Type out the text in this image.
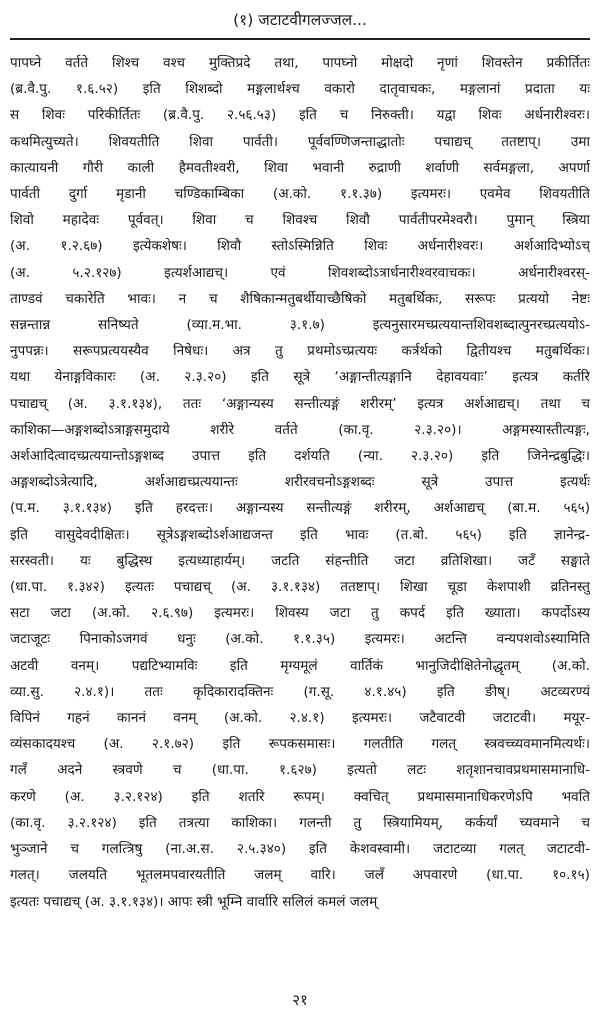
(१) जटाटवीगलज्जल...
पापघ्ने वर्तते शिश्च वश्च मुक्तिप्रदे तथा, पापघ्नो मोक्षदो नृणां शिवस्तेन प्रकीर्तितः
(ब्र.वै.पु. १.६.५२) इति शिशब्दो मङ्गलार्थश्च वकारो दातृवाचकः, मङ्गलानां प्रदाता यः
स शिवः परिकीर्तितः (ब्र.वै.पु. २.५६.५३) इति च निरुक्ती। यद्वा शिवः अर्धनारीश्वरः।
कथमित्युच्यते। शिवयतीति शिवा पार्वती। पूर्ववण्णिजन्ताद्धातोः पचाद्यच् ततष्टाप्। उमा
कात्यायनी गौरी काली हैमवतीश्वरी, शिवा भवानी रुद्राणी शर्वाणी सर्वमङ्गला, अपर्णा
पार्वती दुर्गा मृडानी चण्डिकाम्बिका (अ.को. १.१.३७) इत्यमरः। एवमेव शिवयतीति
शिवो महादेवः पूर्ववत्। शिवा च शिवश्च शिवौ पार्वतीपरमेश्वरौ। पुमान् स्त्रिया
(अ. १.२.६७) इत्येकशेषः। शिवौ स्तोऽस्मिन्निति शिवः अर्धनारीश्वरः। अर्शआदिभ्योऽच्
(अ. ५.२.१२७) इत्यर्शआद्यच्। एवं शिवशब्दोऽत्रार्धनारीश्वरवाचकः। अर्धनारीश्वरस्-
ताण्डवं चकारेति भावः। न च शैषिकान्मतुबर्थीयाच्छैषिको मतुबर्थिकः, सरूपः प्रत्ययो नेष्टः
सन्नन्तान्न सनिष्यते (व्या.म.भा. ३.१.७) इत्यनुसारमच्प्रत्ययान्तशिवशब्दात्पुनरच्प्रत्ययोऽ-
नुपपन्नः। सरूपप्रत्ययस्यैव निषेधः। अत्र तु प्रथमोऽच्प्रत्ययः कर्त्रर्थको द्वितीयश्च मतुबर्थिकः।
यथा येनाङ्गविकारः (अ. २.३.२०) इति सूत्रे ‘अङ्गान्तीत्यङ्गानि देहावयवाः’ इत्यत्र कर्तरि
पचाद्यच् (अ. ३.१.१३४), ततः ‘अङ्गान्यस्य सन्तीत्यङ्गं शरीरम्’ इत्यत्र अर्शआद्यच्। तथा च
काशिका—अङ्गशब्दोऽत्राङ्गसमुदाये शरीरे वर्तते (का.वृ. २.३.२०)। अङ्गमस्यास्तीत्यङ्गः,
अर्शआदित्वादच्प्रत्ययान्तोऽङ्गशब्द उपात्त इति दर्शयति (न्या. २.३.२०) इति जिनेन्द्रबुद्धिः।
अङ्गशब्दोऽत्रेत्यादि, अर्शआद्यच्प्रत्ययान्तः शरीरवचनोऽङ्गशब्दः सूत्रे उपात्त इत्यर्थः
(प.म. ३.१.१३४) इति हरदत्तः। अङ्गान्यस्य सन्तीत्यङ्गं शरीरम्, अर्शआद्यच् (बा.म. ५६५)
इति वासुदेवदीक्षितः। सूत्रेऽङ्गशब्दोऽर्शआद्यजन्त इति भावः (त.बो. ५६५) इति ज्ञानेन्द्र-
सरस्वती। यः बुद्धिस्थ इत्यध्याहार्यम्। जटति संहन्तीति जटा व्रतिशिखा। जटँ सङ्घाते
(धा.पा. १.३४२) इत्यतः पचाद्यच् (अ. ३.१.१३४) ततष्टाप्। शिखा चूडा केशपाशी व्रतिनस्तु
सटा जटा (अ.को. २.६.९७) इत्यमरः। शिवस्य जटा तु कपर्द इति ख्याता। कपर्दोऽस्य
जटाजूटः पिनाकोऽजगवं धनुः (अ.को. १.१.३५) इत्यमरः। अटन्ति वन्यपशवोऽस्यामिति
अटवी वनम्। पद्यटिभ्यामविः इति मृग्यमूलं वार्तिकं भानुजिदीक्षितेनोद्धृतम् (अ.को.
व्या.सु. २.४.१)। ततः कृदिकारादक्तिनः (ग.सू. ४.१.४५) इति ङीष्। अटव्यरण्यं
विपिनं गहनं काननं वनम् (अ.को. २.४.१) इत्यमरः। जटैवाटवी जटाटवी। मयूर-
व्यंसकादयश्च (अ. २.१.७२) इति रूपकसमासः। गलतीति गलत् स्त्रवच्च्यवमानमित्यर्थः।
गलँ अदने स्त्रवणे च (धा.पा. १.६२७) इत्यतो लटः शतृशानचावप्रथमासमानाधि-
करणे (अ. ३.२.१२४) इति शतरि रूपम्। क्वचित् प्रथमासमानाधिकरणेऽपि भवति
(का.वृ. ३.२.१२४) इति तत्रत्या काशिका। गलन्ती तु स्त्रियामियम्, कर्कर्यां च्यवमाने च
भुञ्जाने च गलत्त्रिषु (ना.अ.स. २.५.३४०) इति केशवस्वामी। जटाटव्या गलत् जटाटवी-
गलत्। जलयति भूतलमपवारयतीति जलम् वारि। जलँ अपवारणे (धा.पा. १०.१५)
इत्यतः पचाद्यच् (अ. ३.१.१३४)। आपः स्त्री भूम्नि वार्वारि सलिलं कमलं जलम्
२१
